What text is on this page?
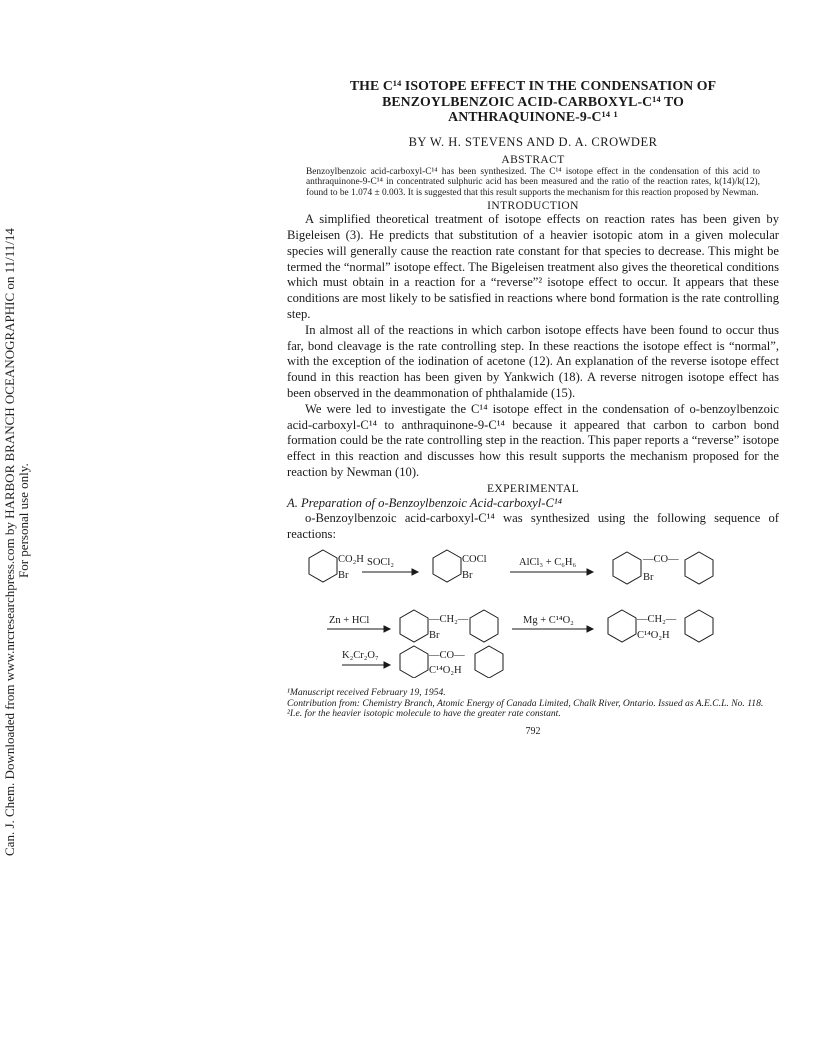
Can. J. Chem. Downloaded from www.nrcresearchpress.com by HARBOR BRANCH OCEANOGRAPHIC on 11/11/14 For personal use only.

THE C¹⁴ ISOTOPE EFFECT IN THE CONDENSATION OF

BENZOYLBENZOIC ACID-CARBOXYL-C¹⁴ TO

ANTHRAQUINONE-9-C¹⁴ ¹

BY W. H. STEVENS AND D. A. CROWDER
ABSTRACT
Benzoylbenzoic acid-carboxyl-C¹⁴ has been synthesized. The C¹⁴ isotope effect in the condensation of this acid to anthraquinone-9-C¹⁴ in concentrated sulphuric acid has been measured and the ratio of the reaction rates, k(14)/k(12), found to be 1.074 ± 0.003. It is suggested that this result supports the mechanism for this reaction proposed by Newman.
INTRODUCTION

A simplified theoretical treatment of isotope effects on reaction rates has been given by Bigeleisen (3). He predicts that substitution of a heavier isotopic atom in a given molecular species will generally cause the reaction rate constant for that species to decrease. This might be termed the “normal” isotope effect. The Bigeleisen treatment also gives the theoretical conditions which must obtain in a reaction for a “reverse”² isotope effect to occur. It appears that these conditions are most likely to be satisfied in reactions where bond formation is the rate controlling step.

In almost all of the reactions in which carbon isotope effects have been found to occur thus far, bond cleavage is the rate controlling step. In these reactions the isotope effect is “normal”, with the exception of the iodination of acetone (12). An explanation of the reverse isotope effect found in this reaction has been given by Yankwich (18). A reverse nitrogen isotope effect has been observed in the deammonation of phthalamide (15).

We were led to investigate the C¹⁴ isotope effect in the condensation of o-benzoylbenzoic acid-carboxyl-C¹⁴ to anthraquinone-9-C¹⁴ because it appeared that carbon to carbon bond formation could be the rate controlling step in the reaction. This paper reports a “reverse” isotope effect in this reaction and discusses how this result supports the mechanism proposed for the reaction by Newman (10).

EXPERIMENTAL
A. Preparation of o-Benzoylbenzoic Acid-carboxyl-C¹⁴

o-Benzoylbenzoic acid-carboxyl-C¹⁴ was synthesized using the following sequence of reactions:

CO₂H
Br
SOCl₂	COCl
Br
AlCl₃ + C₆H₆	—CO—
Br
Zn + HCl	—CH₂—
Br
Mg + C¹⁴O₂	—CH₂—
C¹⁴O₂H
K₂Cr₂O₇	—CO—
C¹⁴O₂H
¹Manuscript received February 19, 1954.
Contribution from: Chemistry Branch, Atomic Energy of Canada Limited, Chalk River, Ontario. Issued as A.E.C.L. No. 118.
²I.e. for the heavier isotopic molecule to have the greater rate constant.
792
